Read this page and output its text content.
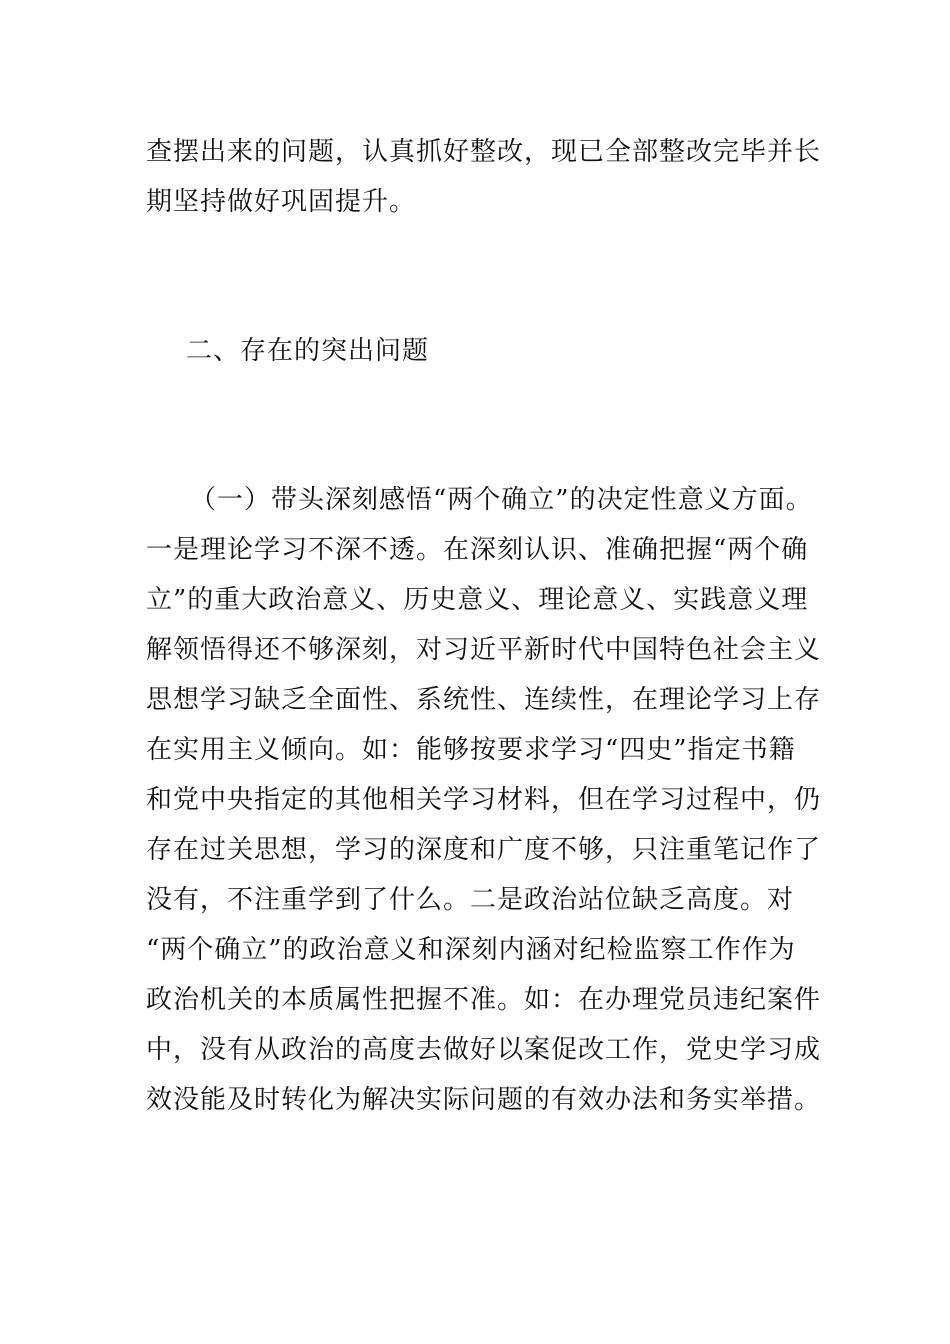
查摆出来的问题，认真抓好整改，现已全部整改完毕并长
期坚持做好巩固提升。
二、存在的突出问题
（一）带头深刻感悟“两个确立”的决定性意义方面。
一是理论学习不深不透。在深刻认识、准确把握“两个确
立”的重大政治意义、历史意义、理论意义、实践意义理
解领悟得还不够深刻，对习近平新时代中国特色社会主义
思想学习缺乏全面性、系统性、连续性，在理论学习上存
在实用主义倾向。如：能够按要求学习“四史”指定书籍
和党中央指定的其他相关学习材料，但在学习过程中，仍
存在过关思想，学习的深度和广度不够，只注重笔记作了
没有，不注重学到了什么。二是政治站位缺乏高度。对
“两个确立”的政治意义和深刻内涵对纪检监察工作作为
政治机关的本质属性把握不准。如：在办理党员违纪案件
中，没有从政治的高度去做好以案促改工作，党史学习成
效没能及时转化为解决实际问题的有效办法和务实举措。
